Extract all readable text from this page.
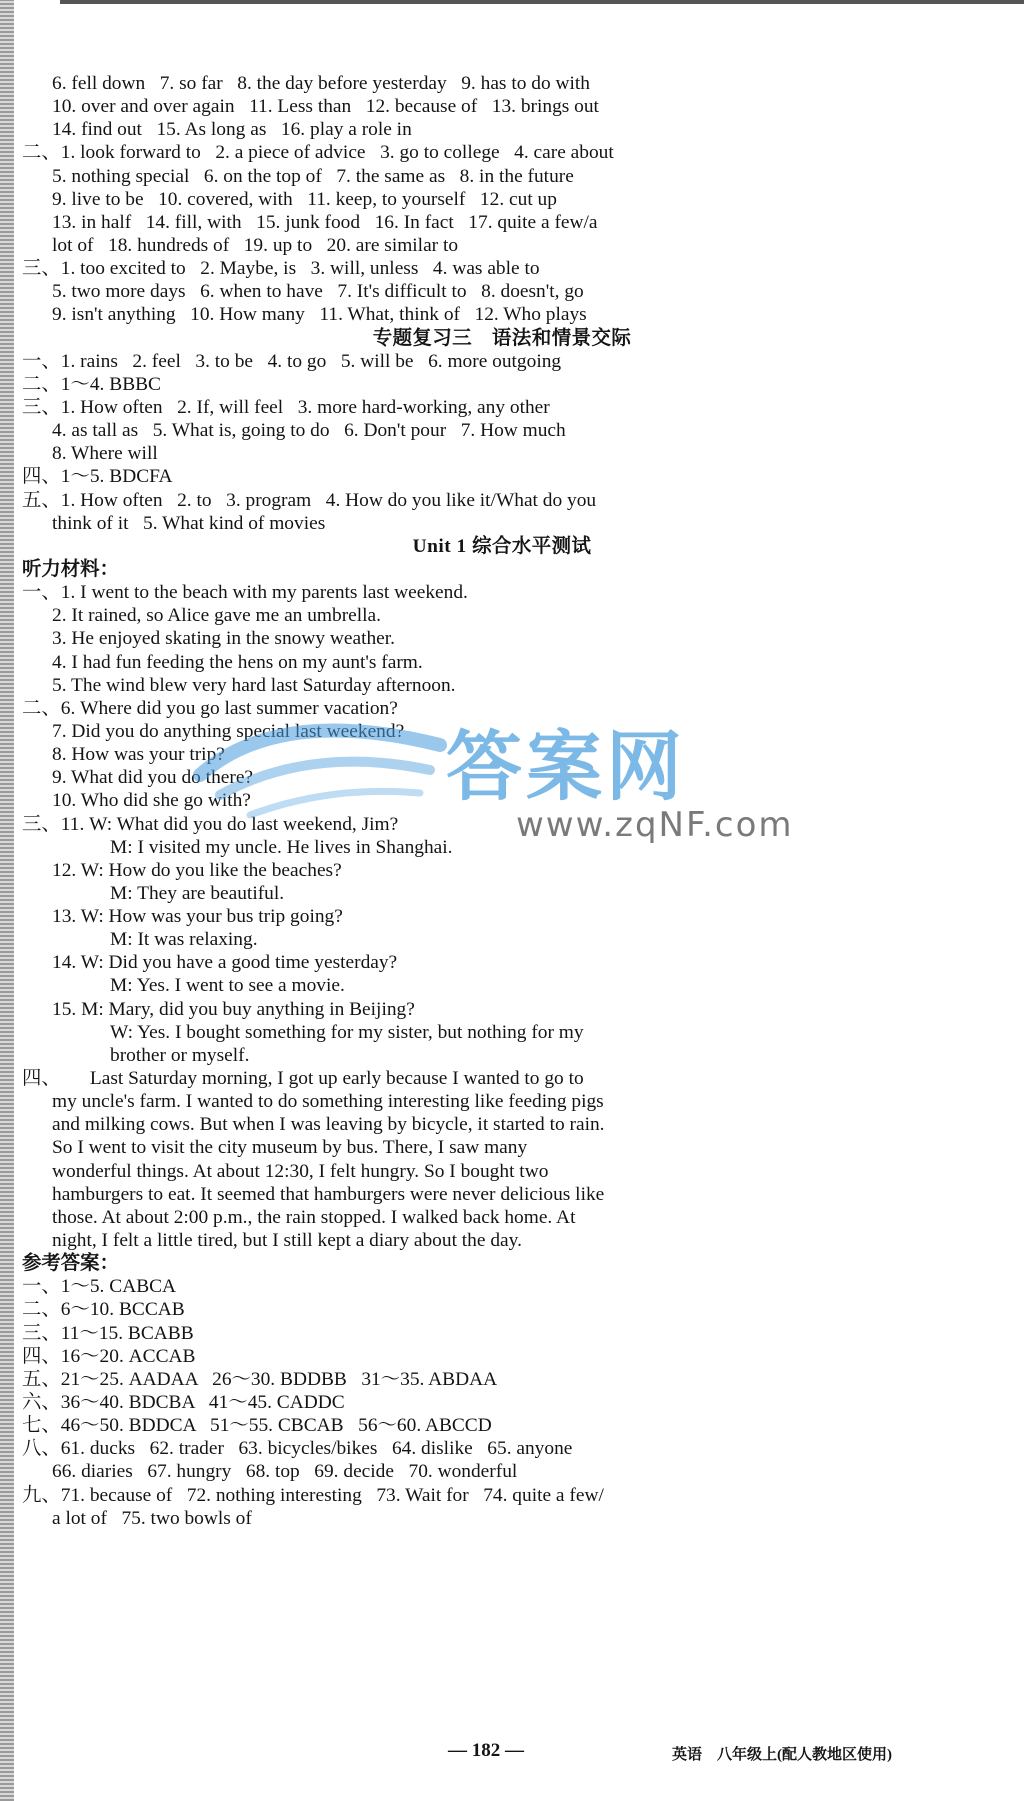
6. fell down   7. so far   8. the day before yesterday   9. has to do with
10. over and over again   11. Less than   12. because of   13. brings out
14. find out   15. As long as   16. play a role in
二、1. look forward to   2. a piece of advice   3. go to college   4. care about
5. nothing special   6. on the top of   7. the same as   8. in the future
9. live to be   10. covered, with   11. keep, to yourself   12. cut up
13. in half   14. fill, with   15. junk food   16. In fact   17. quite a few/a
lot of   18. hundreds of   19. up to   20. are similar to
三、1. too excited to   2. Maybe, is   3. will, unless   4. was able to
5. two more days   6. when to have   7. It's difficult to   8. doesn't, go
9. isn't anything   10. How many   11. What, think of   12. Who plays
专题复习三　语法和情景交际
一、1. rains   2. feel   3. to be   4. to go   5. will be   6. more outgoing
二、1～4. BBBC
三、1. How often   2. If, will feel   3. more hard-working, any other
4. as tall as   5. What is, going to do   6. Don't pour   7. How much
8. Where will
四、1～5. BDCFA
五、1. How often   2. to   3. program   4. How do you like it/What do you
think of it   5. What kind of movies
Unit 1 综合水平测试
听力材料：
一、1. I went to the beach with my parents last weekend.
2. It rained, so Alice gave me an umbrella.
3. He enjoyed skating in the snowy weather.
4. I had fun feeding the hens on my aunt's farm.
5. The wind blew very hard last Saturday afternoon.
二、6. Where did you go last summer vacation?
7. Did you do anything special last weekend?
8. How was your trip?
9. What did you do there?
10. Who did she go with?
三、11. W: What did you do last weekend, Jim?
M: I visited my uncle. He lives in Shanghai.
12. W: How do you like the beaches?
M: They are beautiful.
13. W: How was your bus trip going?
M: It was relaxing.
14. W: Did you have a good time yesterday?
M: Yes. I went to see a movie.
15. M: Mary, did you buy anything in Beijing?
W: Yes. I bought something for my sister, but nothing for my
brother or myself.
四、　　Last Saturday morning, I got up early because I wanted to go to
my uncle's farm. I wanted to do something interesting like feeding pigs
and milking cows. But when I was leaving by bicycle, it started to rain.
So I went to visit the city museum by bus. There, I saw many
wonderful things. At about 12:30, I felt hungry. So I bought two
hamburgers to eat. It seemed that hamburgers were never delicious like
those. At about 2:00 p.m., the rain stopped. I walked back home. At
night, I felt a little tired, but I still kept a diary about the day.
参考答案：
一、1～5. CABCA
二、6～10. BCCAB
三、11～15. BCABB
四、16～20. ACCAB
五、21～25. AADAA   26～30. BDDBB   31～35. ABDAA
六、36～40. BDCBA   41～45. CADDC
七、46～50. BDDCA   51～55. CBCAB   56～60. ABCCD
八、61. ducks   62. trader   63. bicycles/bikes   64. dislike   65. anyone
66. diaries   67. hungry   68. top   69. decide   70. wonderful
九、71. because of   72. nothing interesting   73. Wait for   74. quite a few/
a lot of   75. two bowls of
答案网
www.zqNF.com
— 182 —	英语　八年级上(配人教地区使用)
